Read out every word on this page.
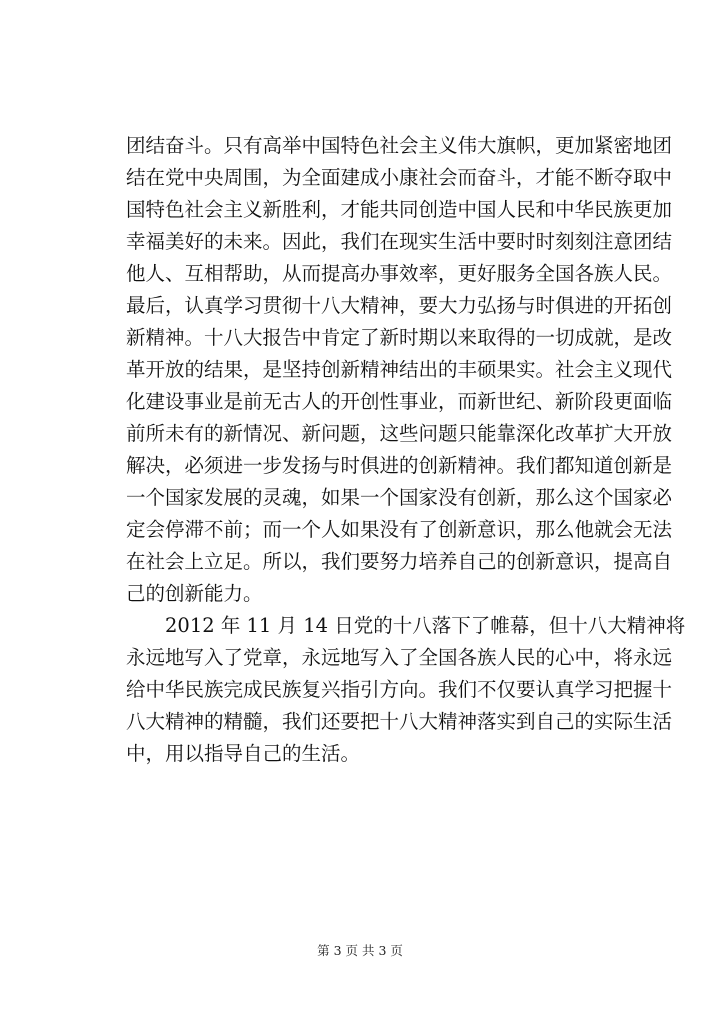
团结奋斗。只有高举中国特色社会主义伟大旗帜，更加紧密地团
结在党中央周围，为全面建成小康社会而奋斗，才能不断夺取中
国特色社会主义新胜利，才能共同创造中国人民和中华民族更加
幸福美好的未来。因此，我们在现实生活中要时时刻刻注意团结
他人、互相帮助，从而提高办事效率，更好服务全国各族人民。
最后，认真学习贯彻十八大精神，要大力弘扬与时俱进的开拓创
新精神。十八大报告中肯定了新时期以来取得的一切成就，是改
革开放的结果，是坚持创新精神结出的丰硕果实。社会主义现代
化建设事业是前无古人的开创性事业，而新世纪、新阶段更面临
前所未有的新情况、新问题，这些问题只能靠深化改革扩大开放
解决，必须进一步发扬与时俱进的创新精神。我们都知道创新是
一个国家发展的灵魂，如果一个国家没有创新，那么这个国家必
定会停滞不前；而一个人如果没有了创新意识，那么他就会无法
在社会上立足。所以，我们要努力培养自己的创新意识，提高自
己的创新能力。
　　2012 年 11 月 14 日党的十八落下了帷幕，但十八大精神将
永远地写入了党章，永远地写入了全国各族人民的心中，将永远
给中华民族完成民族复兴指引方向。我们不仅要认真学习把握十
八大精神的精髓，我们还要把十八大精神落实到自己的实际生活
中，用以指导自己的生活。
第 3 页 共 3 页
